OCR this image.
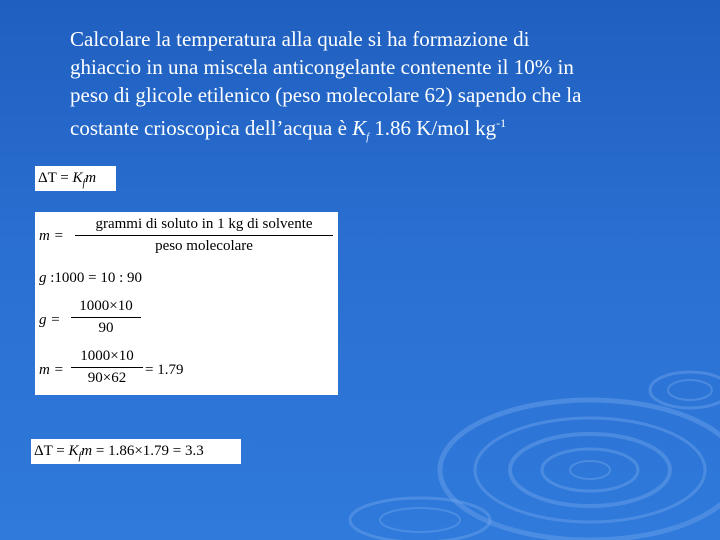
Calcolare la temperatura alla quale si ha formazione di
ghiaccio in una miscela anticongelante contenente il 10% in
peso di glicole etilenico (peso molecolare 62) sapendo che la
costante crioscopica dell’acqua è $K_f$ 1.86 K/mol $kg^{-1}$
$\Delta T = K_fm$
m =
grammi di soluto in 1 kg di solvente
peso molecolare
g :1000 = 10 : 90
g =
1000×10
90
m =
1000×10
90×62	= 1.79
$\Delta T = K_fm = 1.86\times 1.79 = 3.3$
